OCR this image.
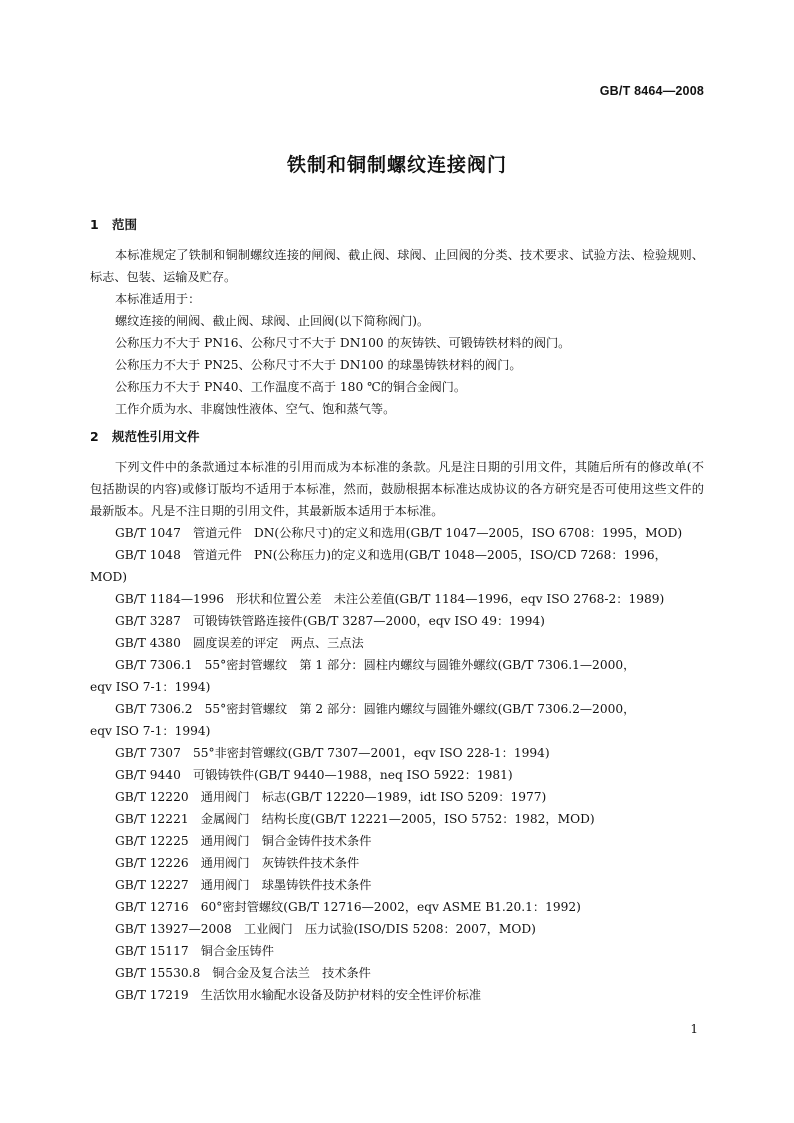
GB/T 8464—2008
铁制和铜制螺纹连接阀门
1 范围

本标准规定了铁制和铜制螺纹连接的闸阀、截止阀、球阀、止回阀的分类、技术要求、试验方法、检验规则、标志、包装、运输及贮存。

本标准适用于：

螺纹连接的闸阀、截止阀、球阀、止回阀(以下简称阀门)。

公称压力不大于 PN16、公称尺寸不大于 DN100 的灰铸铁、可锻铸铁材料的阀门。

公称压力不大于 PN25、公称尺寸不大于 DN100 的球墨铸铁材料的阀门。

公称压力不大于 PN40、工作温度不高于 180 ℃的铜合金阀门。

工作介质为水、非腐蚀性液体、空气、饱和蒸气等。

2 规范性引用文件

下列文件中的条款通过本标准的引用而成为本标准的条款。凡是注日期的引用文件，其随后所有的修改单(不包括勘误的内容)或修订版均不适用于本标准，然而，鼓励根据本标准达成协议的各方研究是否可使用这些文件的最新版本。凡是不注日期的引用文件，其最新版本适用于本标准。

GB/T 1047　管道元件　DN(公称尺寸)的定义和选用(GB/T 1047—2005，ISO 6708：1995，MOD)

GB/T 1048　管道元件　PN(公称压力)的定义和选用(GB/T 1048—2005，ISO/CD 7268：1996，
MOD)

GB/T 1184—1996　形状和位置公差　未注公差值(GB/T 1184—1996，eqv ISO 2768-2：1989)

GB/T 3287　可锻铸铁管路连接件(GB/T 3287—2000，eqv ISO 49：1994)

GB/T 4380　圆度误差的评定　两点、三点法

GB/T 7306.1　55°密封管螺纹　第 1 部分：圆柱内螺纹与圆锥外螺纹(GB/T 7306.1—2000，
eqv ISO 7-1：1994)

GB/T 7306.2　55°密封管螺纹　第 2 部分：圆锥内螺纹与圆锥外螺纹(GB/T 7306.2—2000，
eqv ISO 7-1：1994)

GB/T 7307　55°非密封管螺纹(GB/T 7307—2001，eqv ISO 228-1：1994)

GB/T 9440　可锻铸铁件(GB/T 9440—1988，neq ISO 5922：1981)

GB/T 12220　通用阀门　标志(GB/T 12220—1989，idt ISO 5209：1977)

GB/T 12221　金属阀门　结构长度(GB/T 12221—2005，ISO 5752：1982，MOD)

GB/T 12225　通用阀门　铜合金铸件技术条件

GB/T 12226　通用阀门　灰铸铁件技术条件

GB/T 12227　通用阀门　球墨铸铁件技术条件

GB/T 12716　60°密封管螺纹(GB/T 12716—2002，eqv ASME B1.20.1：1992)

GB/T 13927—2008　工业阀门　压力试验(ISO/DIS 5208：2007，MOD)

GB/T 15117　铜合金压铸件

GB/T 15530.8　铜合金及复合法兰　技术条件

GB/T 17219　生活饮用水输配水设备及防护材料的安全性评价标准

1
